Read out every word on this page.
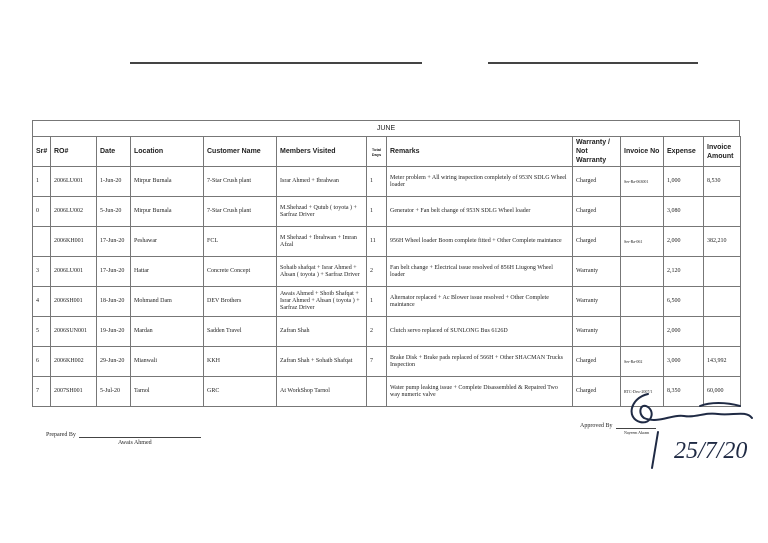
JUNE
Sr#	RO#	Date	Location	Customer Name	Members Visited	Total Days	Remarks	Warranty / Not Warranty	Invoice No	Expense	Invoice Amount
1	2006LU001	1-Jun-20	Mirpur Burnala	7-Star Crush plant	Israr Ahmed + Ibrahwan	1	Meter problem + All wiring inspection completely of 953N SDLG Wheel loader	Charged	Ser-Ra-063001	1,000	8,530
0	2006LU002	5-Jun-20	Mirpur Burnala	7-Star Crush plant	M.Shehzad + Qutub ( toyota ) + Sarfraz Driver	1	Generator + Fan belt change of 953N SDLG Wheel loader	Charged		3,080	
	2006KH001	17-Jun-20	Peshawar	FCL	M Shehzad + Ibrahwan + Imran Afzal	11	956H Wheel loader Boom complete fitted + Other Complete maintance	Charged	Ser-Ra-061	2,000	382,210
3	2006LU001	17-Jun-20	Hattar	Concrete Concept	Sohaib shafqat + Israr Ahmed + Ahsan ( toyota ) + Sarfraz Driver	2	Fan belt change + Electrical issue resolved of 856H Liugong Wheel loader	Warranty		2,120	
4	2006SH001	18-Jun-20	Mohmand Dam	DEV Brothers	Awais Ahmed + Shoib Shafqat + Israr Ahmed + Ahsan ( toyota ) + Sarfraz Driver	1	Alternator replaced + Ac Blower issue resolved + Other Complete maintance	Warranty		6,500	
5	2006SUN001	19-Jun-20	Mardan	Sadden Travel	Zafran Shah	2	Clutch servo replaced of SUNLONG Bus 6126D	Warranty		2,000	
6	2006KH002	29-Jun-20	Mianwali	KKH	Zafran Shah + Sohaib Shafqat	7	Brake Disk + Brake pads replaced of 566H + Other SHACMAN Trucks Inspection	Charged	Ser-Ra-002	3,000	143,992
7	2007SH001	5-Jul-20	Tarnol	GRC	At WorkShop Tarnol		Water pump leaking issue + Complete Disassembled & Repaired Two way numeric valve	Charged	RTC-Drw-2007/1	8,350	60,000
Prepared By
Awais Ahmed
Approved By
Nayeem Akram
25/7/20
